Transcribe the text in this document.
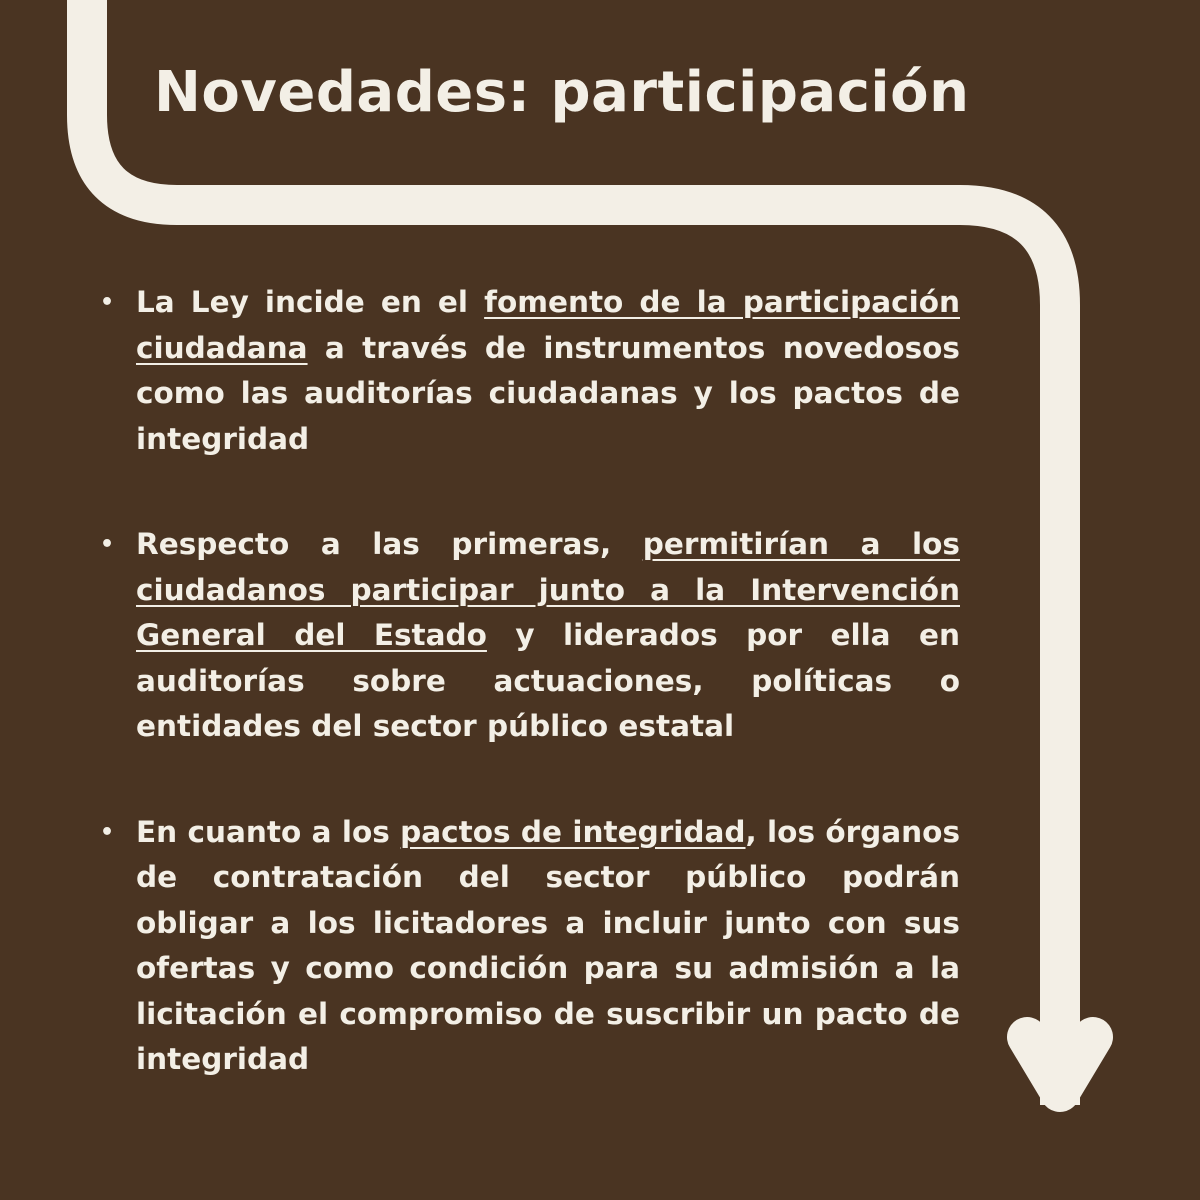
Novedades: participación
• La Ley incide en el fomento de la participación ciudadana a través de instrumentos novedosos como las auditorías ciudadanas y los pactos de integridad
• Respecto a las primeras, permitirían a los ciudadanos participar junto a la Intervención General del Estado y liderados por ella en auditorías sobre actuaciones, políticas o entidades del sector público estatal
• En cuanto a los pactos de integridad, los órganos de contratación del sector público podrán obligar a los licitadores a incluir junto con sus ofertas y como condición para su admisión a la licitación el compromiso de suscribir un pacto de integridad
